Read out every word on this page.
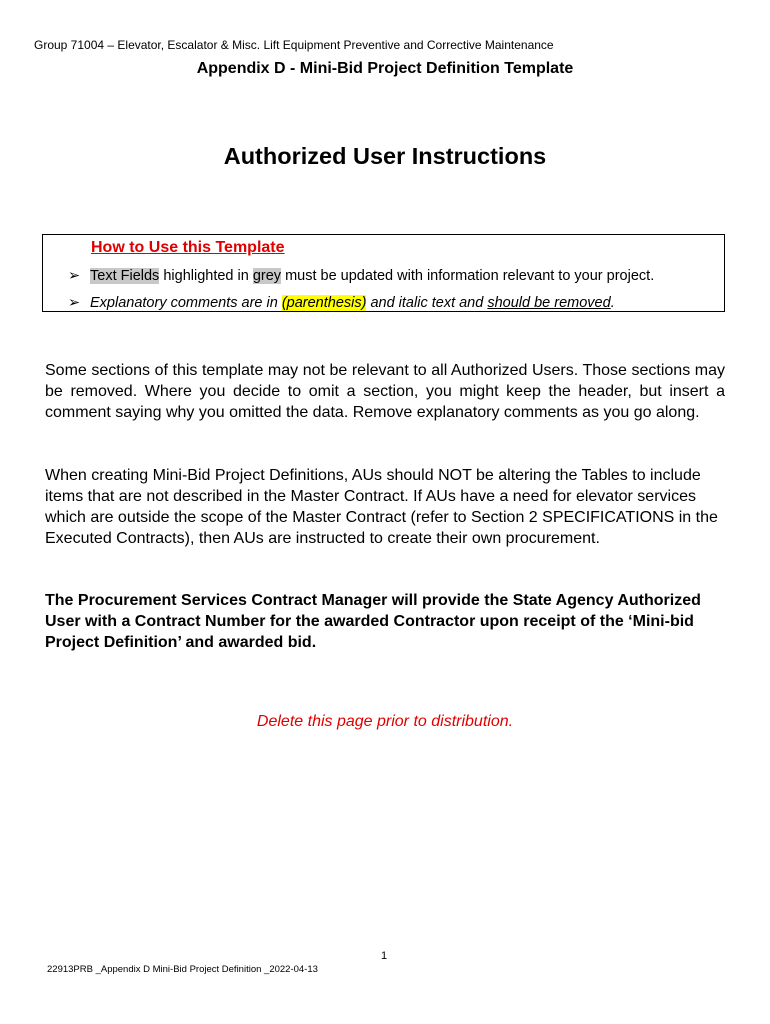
Group 71004 – Elevator, Escalator & Misc. Lift Equipment Preventive and Corrective Maintenance
Appendix D - Mini-Bid Project Definition Template
Authorized User Instructions
How to Use this Template
➢ Text Fields highlighted in grey must be updated with information relevant to your project.
➢ Explanatory comments are in (parenthesis) and italic text and should be removed.
Some sections of this template may not be relevant to all Authorized Users. Those sections may be removed. Where you decide to omit a section, you might keep the header, but insert a comment saying why you omitted the data. Remove explanatory comments as you go along.
When creating Mini-Bid Project Definitions, AUs should NOT be altering the Tables to include items that are not described in the Master Contract. If AUs have a need for elevator services which are outside the scope of the Master Contract (refer to Section 2 SPECIFICATIONS in the Executed Contracts), then AUs are instructed to create their own procurement.
The Procurement Services Contract Manager will provide the State Agency Authorized User with a Contract Number for the awarded Contractor upon receipt of the ‘Mini-bid Project Definition’ and awarded bid.
Delete this page prior to distribution.
1
22913PRB _Appendix D Mini-Bid Project Definition _2022-04-13
